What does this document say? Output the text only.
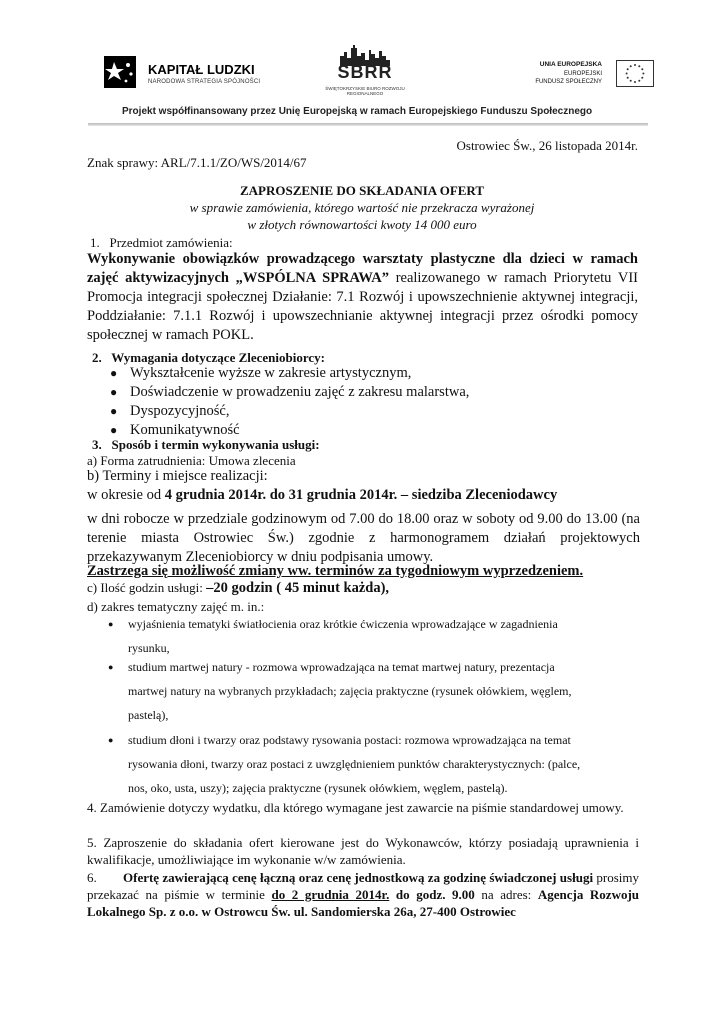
KAPITAŁ LUDZKI
NARODOWA STRATEGIA SPÓJNOŚCI	ŚBRR
ŚWIĘTOKRZYSKIE BIURO ROZWOJU REGIONALNEGO
UNIA EUROPEJSKA
EUROPEJSKI
FUNDUSZ SPOŁECZNY
Projekt współfinansowany przez Unię Europejską w ramach Europejskiego Funduszu Społecznego
Ostrowiec Św., 26 listopada 2014r.
Znak sprawy: ARL/7.1.1/ZO/WS/2014/67
ZAPROSZENIE DO SKŁADANIA OFERT
w sprawie zamówienia, którego wartość nie przekracza wyrażonej
w złotych równowartości kwoty 14 000 euro
1.   Przedmiot zamówienia:
Wykonywanie obowiązków prowadzącego warsztaty plastyczne dla dzieci w ramach zajęć aktywizacyjnych „WSPÓLNA SPRAWA” realizowanego w ramach Priorytetu VII Promocja integracji społecznej Działanie: 7.1 Rozwój i upowszechnienie aktywnej integracji, Poddziałanie: 7.1.1 Rozwój i upowszechnianie aktywnej integracji przez ośrodki pomocy społecznej w ramach POKL.
2.   Wymagania dotyczące Zleceniobiorcy:
● Wykształcenie wyższe w zakresie artystycznym,
● Doświadczenie w prowadzeniu zajęć z zakresu malarstwa,
● Dyspozycyjność,
● Komunikatywność
3.   Sposób i termin wykonywania usługi:
a) Forma zatrudnienia: Umowa zlecenia
b) Terminy i miejsce realizacji:
w okresie od 4 grudnia 2014r. do 31 grudnia 2014r. – siedziba Zleceniodawcy
w dni robocze w przedziale godzinowym od 7.00 do 18.00 oraz w soboty od 9.00 do 13.00 (na terenie miasta Ostrowiec Św.) zgodnie z harmonogramem działań projektowych przekazywanym Zleceniobiorcy w dniu podpisania umowy.
Zastrzega się możliwość zmiany ww. terminów za tygodniowym wyprzedzeniem.
c) Ilość godzin usługi: –20 godzin ( 45 minut każda),
d) zakres tematyczny zajęć m. in.:
● wyjaśnienia tematyki światłocienia oraz krótkie ćwiczenia wprowadzające w zagadnienia
rysunku,
● studium martwej natury - rozmowa wprowadzająca na temat martwej natury, prezentacja
martwej natury na wybranych przykładach; zajęcia praktyczne (rysunek ołówkiem, węglem,
pastelą),
● studium dłoni i twarzy oraz podstawy rysowania postaci: rozmowa wprowadzająca na temat
rysowania dłoni, twarzy oraz postaci z uwzględnieniem punktów charakterystycznych: (palce,
nos, oko, usta, uszy); zajęcia praktyczne (rysunek ołówkiem, węglem, pastelą).
4. Zamówienie dotyczy wydatku, dla którego wymagane jest zawarcie na piśmie standardowej umowy.
5. Zaproszenie do składania ofert kierowane jest do Wykonawców, którzy posiadają uprawnienia i kwalifikacje, umożliwiające im wykonanie w/w zamówienia.
6. Ofertę zawierającą cenę łączną oraz cenę jednostkową za godzinę świadczonej usługi prosimy przekazać na piśmie w terminie do 2 grudnia 2014r. do godz. 9.00 na adres: Agencja Rozwoju Lokalnego Sp. z o.o. w Ostrowcu Św. ul. Sandomierska 26a, 27-400 Ostrowiec
